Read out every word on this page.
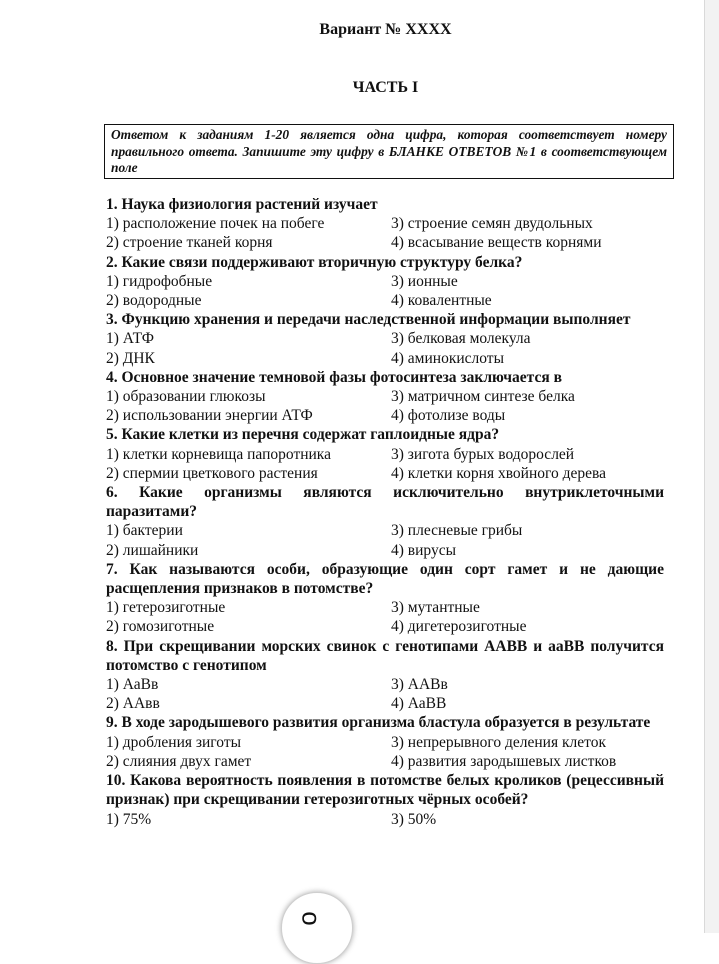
Вариант № XXXX
ЧАСТЬ I
Ответом к заданиям 1-20 является одна цифра, которая соответствует номеру правильного ответа. Запишите эту цифру в БЛАНКЕ ОТВЕТОВ №1 в соответствующем поле
1. Наука физиология растений изучает
1) расположение почек на побеге	3) строение семян двудольных
2) строение тканей корня	4) всасывание веществ корнями
2. Какие связи поддерживают вторичную структуру белка?
1) гидрофобные	3) ионные
2) водородные	4) ковалентные
3. Функцию хранения и передачи наследственной информации выполняет
1) АТФ	3) белковая молекула
2) ДНК	4) аминокислоты
4. Основное значение темновой фазы фотосинтеза заключается в
1) образовании глюкозы	3) матричном синтезе белка
2) использовании энергии АТФ	4) фотолизе воды
5. Какие клетки из перечня содержат гаплоидные ядра?
1) клетки корневища папоротника	3) зигота бурых водорослей
2) спермии цветкового растения	4) клетки корня хвойного дерева
6. Какие организмы являются исключительно внутриклеточными паразитами?
1) бактерии	3) плесневые грибы
2) лишайники	4) вирусы
7. Как называются особи, образующие один сорт гамет и не дающие расщепления признаков в потомстве?
1) гетерозиготные	3) мутантные
2) гомозиготные	4) дигетерозиготные
8. При скрещивании морских свинок с генотипами ААВВ и ааВВ получится потомство с генотипом
1) АаВв	3) ААВв
2) ААвв	4) АаВВ
9. В ходе зародышевого развития организма бластула образуется в результате
1) дробления зиготы	3) непрерывного деления клеток
2) слияния двух гамет	4) развития зародышевых листков
10. Какова вероятность появления в потомстве белых кроликов (рецессивный признак) при скрещивании гетерозиготных чёрных особей?
1) 75%	3) 50%
o
